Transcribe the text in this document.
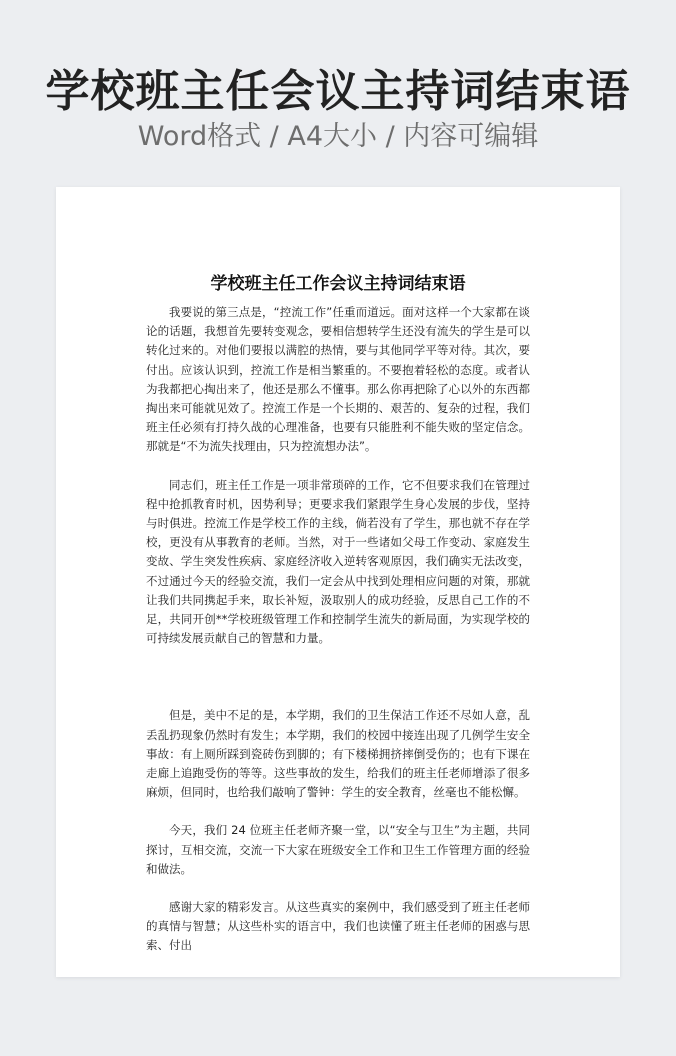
学校班主任会议主持词结束语
Word格式 / A4大小 / 内容可编辑
学校班主任工作会议主持词结束语

我要说的第三点是，“控流工作”任重而道远。面对这样一个大家都在谈论的话题，我想首先要转变观念，要相信想转学生还没有流失的学生是可以转化过来的。对他们要报以满腔的热情，要与其他同学平等对待。其次，要付出。应该认识到，控流工作是相当繁重的。不要抱着轻松的态度。或者认为我都把心掏出来了，他还是那么不懂事。那么你再把除了心以外的东西都掏出来可能就见效了。控流工作是一个长期的、艰苦的、复杂的过程，我们班主任必须有打持久战的心理准备，也要有只能胜利不能失败的坚定信念。那就是“不为流失找理由，只为控流想办法”。

同志们，班主任工作是一项非常琐碎的工作，它不但要求我们在管理过程中抢抓教育时机，因势利导；更要求我们紧跟学生身心发展的步伐，坚持与时俱进。控流工作是学校工作的主线，倘若没有了学生，那也就不存在学校，更没有从事教育的老师。当然，对于一些诸如父母工作变动、家庭发生变故、学生突发性疾病、家庭经济收入逆转客观原因，我们确实无法改变，不过通过今天的经验交流，我们一定会从中找到处理相应问题的对策，那就让我们共同携起手来，取长补短，汲取别人的成功经验，反思自己工作的不足，共同开创**学校班级管理工作和控制学生流失的新局面，为实现学校的可持续发展贡献自己的智慧和力量。

但是，美中不足的是，本学期，我们的卫生保洁工作还不尽如人意，乱丢乱扔现象仍然时有发生；本学期，我们的校园中接连出现了几例学生安全事故：有上厕所踩到瓷砖伤到脚的；有下楼梯拥挤摔倒受伤的；也有下课在走廊上追跑受伤的等等。这些事故的发生，给我们的班主任老师增添了很多麻烦，但同时，也给我们敲响了警钟：学生的安全教育，丝毫也不能松懈。

今天，我们 24 位班主任老师齐聚一堂，以“安全与卫生”为主题，共同探讨，互相交流，交流一下大家在班级安全工作和卫生工作管理方面的经验和做法。

感谢大家的精彩发言。从这些真实的案例中，我们感受到了班主任老师的真情与智慧；从这些朴实的语言中，我们也读懂了班主任老师的困惑与思索、付出
